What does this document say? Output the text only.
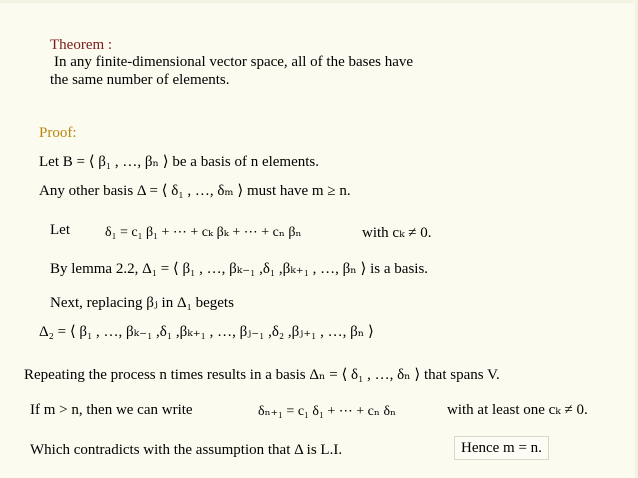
Theorem :
In any finite-dimensional vector space, all of the bases have
the same number of elements.
Proof:
Let B = ⟨ β₁ , …, βₙ ⟩ be a basis of n elements.
Any other basis Δ = ⟨ δ₁ , …, δₘ ⟩ must have m ≥ n.
Let	δ₁ = c₁ β₁ + ⋯ + cₖ βₖ + ⋯ + cₙ βₙ	with cₖ ≠ 0.
By lemma 2.2, Δ₁ = ⟨ β₁ , …, βₖ₋₁ ,δ₁ ,βₖ₊₁ , …, βₙ ⟩ is a basis.
Next, replacing βⱼ in Δ₁ begets
Δ₂ = ⟨ β₁ , …, βₖ₋₁ ,δ₁ ,βₖ₊₁ , …, βⱼ₋₁ ,δ₂ ,βⱼ₊₁ , …, βₙ ⟩
Repeating the process n times results in a basis Δₙ = ⟨ δ₁ , …, δₙ ⟩ that spans V.
If m > n, then we can write	δₙ₊₁ = c₁ δ₁ + ⋯ + cₙ δₙ	with at least one cₖ ≠ 0.
Which contradicts with the assumption that Δ is L.I.	Hence m = n.
